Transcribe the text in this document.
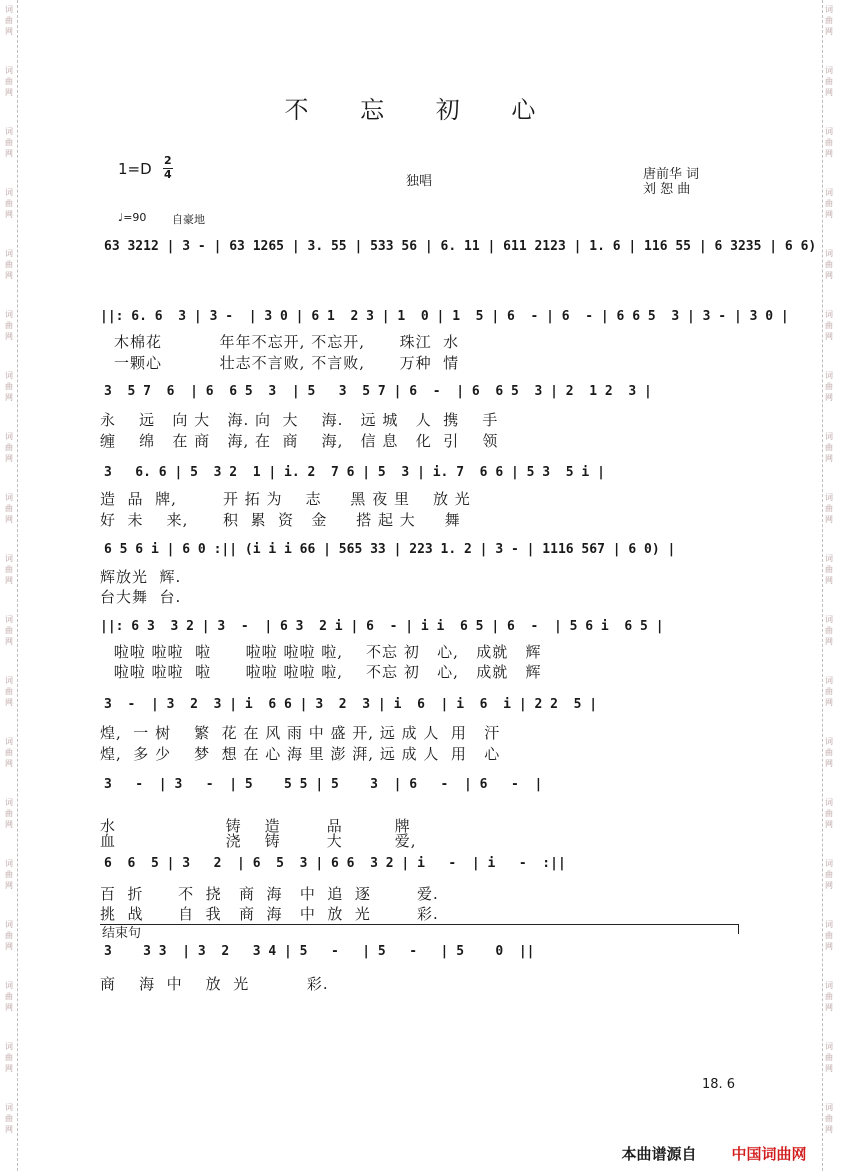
词
曲
网
词
曲
网
词
曲
网
词
曲
网
词
曲
网
词
曲
网
词
曲
网
词
曲
网
词
曲
网
词
曲
网
词
曲
网
词
曲
网
词
曲
网
词
曲
网
词
曲
网
词
曲
网
词
曲
网
词
曲
网
词
曲
网
词
曲
网
词
曲
网
词
曲
网
词
曲
网
词
曲
网
词
曲
网
词
曲
网
词
曲
网
词
曲
网
词
曲
网
词
曲
网
词
曲
网
词
曲
网
词
曲
网
词
曲
网
词
曲
网
词
曲
网
词
曲
网
词
曲
网
不 忘 初 心
1=D 2
4	独唱	唐前华 词
刘 恕 曲
♩=90 自豪地
63 3212 | 3 - | 63 1265 | 3. 55 | 533 56 | 6. 11 | 611 2123 | 1. 6 | 116 55 | 6 3235 | 6 6)
||: 6. 6  3 | 3 -  | 3 0 | 6 1  2 3 | 1  0 | 1  5 | 6  - | 6  - | 6 6 5  3 | 3 - | 3 0 |
木棉花          年年不忘开, 不忘开,      珠江  水
一颗心          壮志不言败, 不言败,      万种  情
3  5 7  6  | 6  6 5  3  | 5   3  5 7 | 6  -  | 6  6 5  3 | 2  1 2  3 |
永    远   向 大   海. 向  大    海.   远 城   人  携    手
缠    绵   在 商   海, 在  商    海,   信 息   化  引    领
3   6. 6 | 5  3 2  1 | i. 2  7 6 | 5  3 | i. 7  6 6 | 5 3  5 i |
造  品  牌,        开 拓 为    志     黑 夜 里    放 光
好  未    来,      积  累  资   金     搭 起 大     舞
6 5 6 i | 6 0 :|| (i i i 66 | 565 33 | 223 1. 2 | 3 - | 1116 567 | 6 0) |
辉放光  辉.
台大舞  台.
||: 6 3  3 2 | 3  -  | 6 3  2 i | 6  - | i i  6 5 | 6  -  | 5 6 i  6 5 |
啦啦 啦啦  啦      啦啦 啦啦 啦,    不忘 初   心,   成就   辉
啦啦 啦啦  啦      啦啦 啦啦 啦,    不忘 初   心,   成就   辉
3  -  | 3  2  3 | i  6 6 | 3  2  3 | i  6  | i  6  i | 2 2  5 |
煌,  一 树    繁  花 在 风 雨 中 盛 开, 远 成 人  用   汗
煌,  多 少    梦  想 在 心 海 里 澎 湃, 远 成 人  用   心
3   -  | 3   -  | 5    5 5 | 5    3  | 6   -  | 6   -  |
水                   铸    造        品         牌
血                   浇    铸        大         爱,
6  6  5 | 3   2  | 6  5  3 | 6 6  3 2 | i   -  | i   -  :||
百  折      不  挠   商  海   中  追  逐        爱.
挑  战      自  我   商  海   中  放  光        彩.
结束句
3    3 3  | 3  2   3 4 | 5   -   | 5   -   | 5    0  ||
商    海  中    放  光          彩.
18. 6

本曲谱源自	中国词曲网
